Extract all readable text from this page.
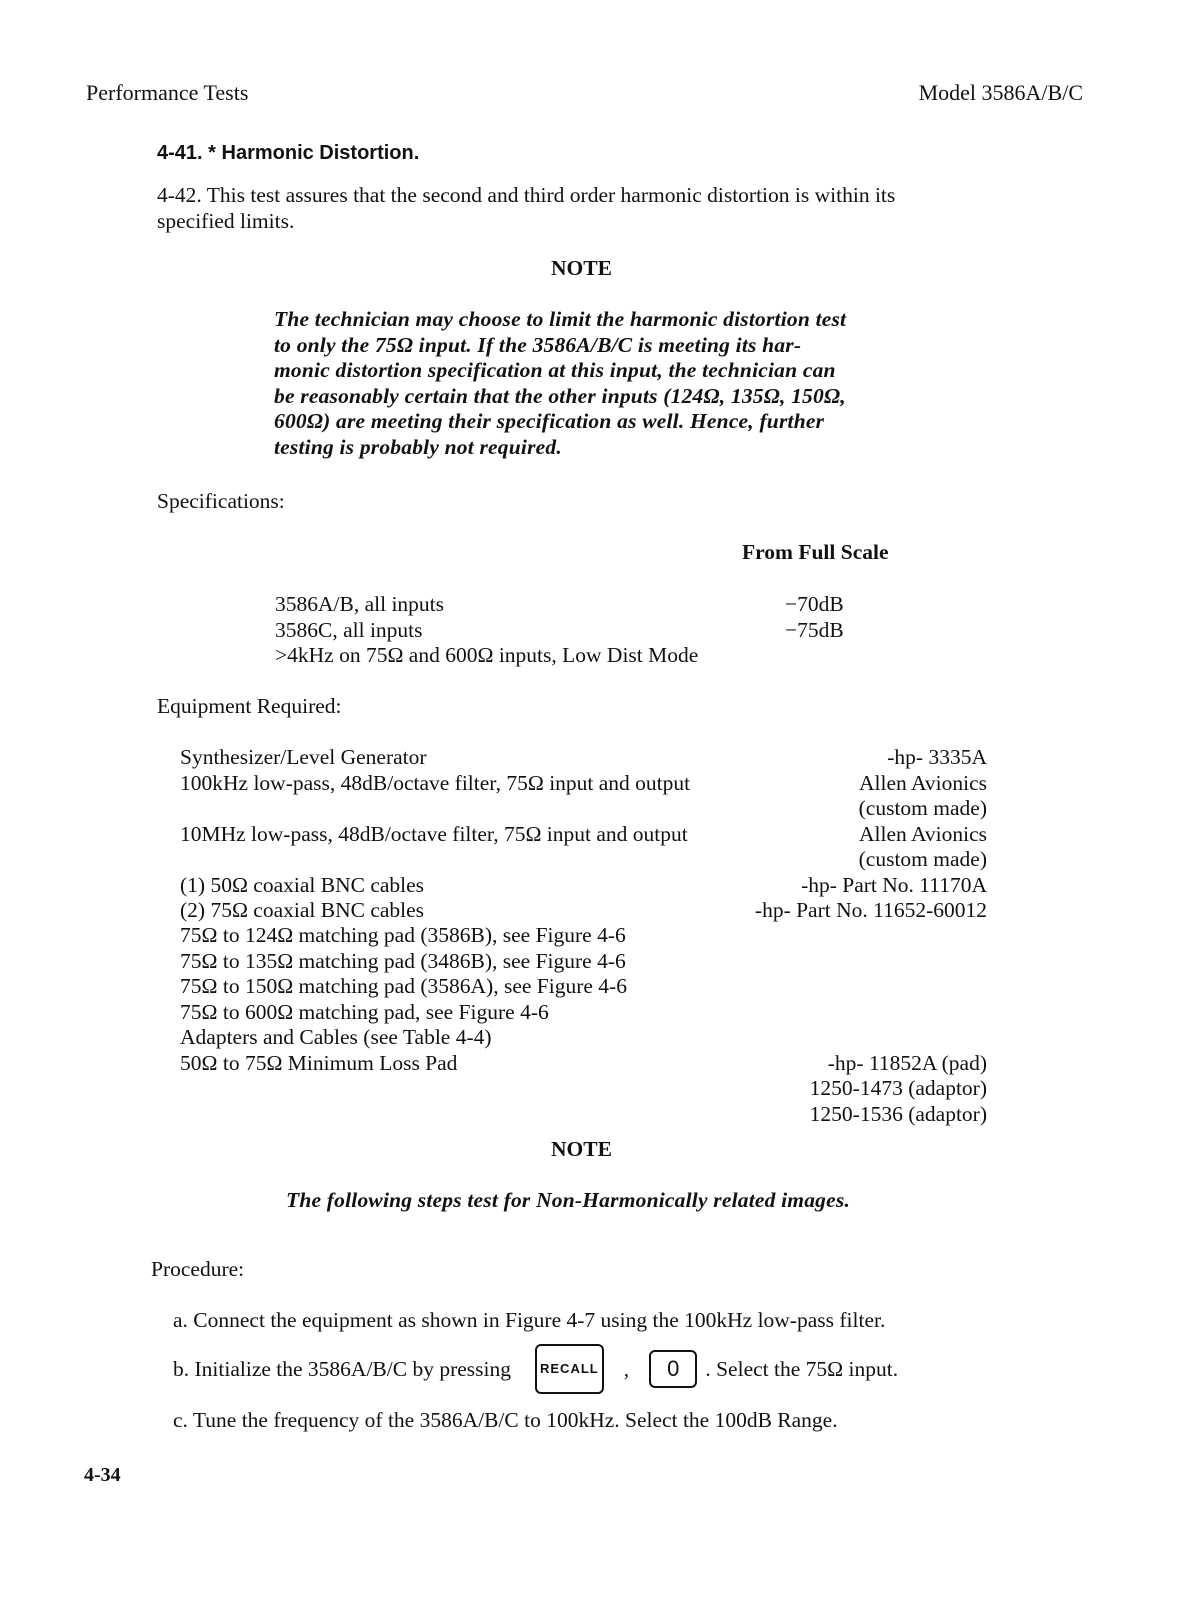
Performance Tests	Model 3586A/B/C
4-41. * Harmonic Distortion.
4-42. This test assures that the second and third order harmonic distortion is within its
specified limits.
NOTE
The technician may choose to limit the harmonic distortion test
to only the 75Ω input. If the 3586A/B/C is meeting its har-
monic distortion specification at this input, the technician can
be reasonably certain that the other inputs (124Ω, 135Ω, 150Ω,
600Ω) are meeting their specification as well. Hence, further
testing is probably not required.
Specifications:
From Full Scale
3586A/B, all inputs	−70dB
3586C, all inputs	−75dB
>4kHz on 75Ω and 600Ω inputs, Low Dist Mode
Equipment Required:
Synthesizer/Level Generator	-hp- 3335A
100kHz low-pass, 48dB/octave filter, 75Ω input and output	Allen Avionics
(custom made)
10MHz low-pass, 48dB/octave filter, 75Ω input and output	Allen Avionics
(custom made)
(1) 50Ω coaxial BNC cables	-hp- Part No. 11170A
(2) 75Ω coaxial BNC cables	-hp- Part No. 11652-60012
75Ω to 124Ω matching pad (3586B), see Figure 4-6
75Ω to 135Ω matching pad (3486B), see Figure 4-6
75Ω to 150Ω matching pad (3586A), see Figure 4-6
75Ω to 600Ω matching pad, see Figure 4-6
Adapters and Cables (see Table 4-4)
50Ω to 75Ω Minimum Loss Pad	-hp- 11852A (pad)
1250-1473 (adaptor)
1250-1536 (adaptor)
NOTE
The following steps test for Non-Harmonically related images.
Procedure:
a. Connect the equipment as shown in Figure 4-7 using the 100kHz low-pass filter.
b. Initialize the 3586A/B/C by pressing	RECALL ,	0	. Select the 75Ω input.
c. Tune the frequency of the 3586A/B/C to 100kHz. Select the 100dB Range.
4-34
